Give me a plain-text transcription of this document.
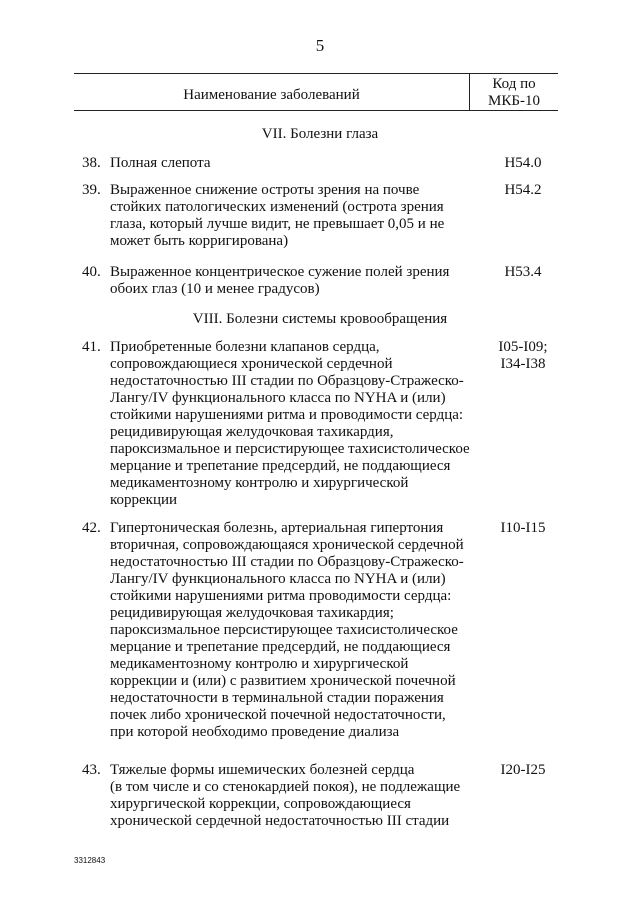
5
Наименование заболеваний
Код по
МКБ-10
VII. Болезни глаза
38. Полная слепота	H54.0
39. Выраженное снижение остроты зрения на почве
стойких патологических изменений (острота зрения
глаза, который лучше видит, не превышает 0,05 и не
может быть корригирована)
H54.2
40. Выраженное концентрическое сужение полей зрения
обоих глаз (10 и менее градусов)
H53.4
VIII. Болезни системы кровообращения
41. Приобретенные болезни клапанов сердца,
сопровождающиеся хронической сердечной
недостаточностью III стадии по Образцову-Стражеско-
Лангу/IV функционального класса по NYHA и (или)
стойкими нарушениями ритма и проводимости сердца:
рецидивирующая желудочковая тахикардия,
пароксизмальное и персистирующее тахисистолическое
мерцание и трепетание предсердий, не поддающиеся
медикаментозному контролю и хирургической
коррекции
I05-I09;
I34-I38
42. Гипертоническая болезнь, артериальная гипертония
вторичная, сопровождающаяся хронической сердечной
недостаточностью III стадии по Образцову-Стражеско-
Лангу/IV функционального класса по NYHA и (или)
стойкими нарушениями ритма проводимости сердца:
рецидивирующая желудочковая тахикардия;
пароксизмальное персистирующее тахисистолическое
мерцание и трепетание предсердий, не поддающиеся
медикаментозному контролю и хирургической
коррекции и (или) с развитием хронической почечной
недостаточности в терминальной стадии поражения
почек либо хронической почечной недостаточности,
при которой необходимо проведение диализа
I10-I15
43. Тяжелые формы ишемических болезней сердца
(в том числе и со стенокардией покоя), не подлежащие
хирургической коррекции, сопровождающиеся
хронической сердечной недостаточностью III стадии
I20-I25
3312843
